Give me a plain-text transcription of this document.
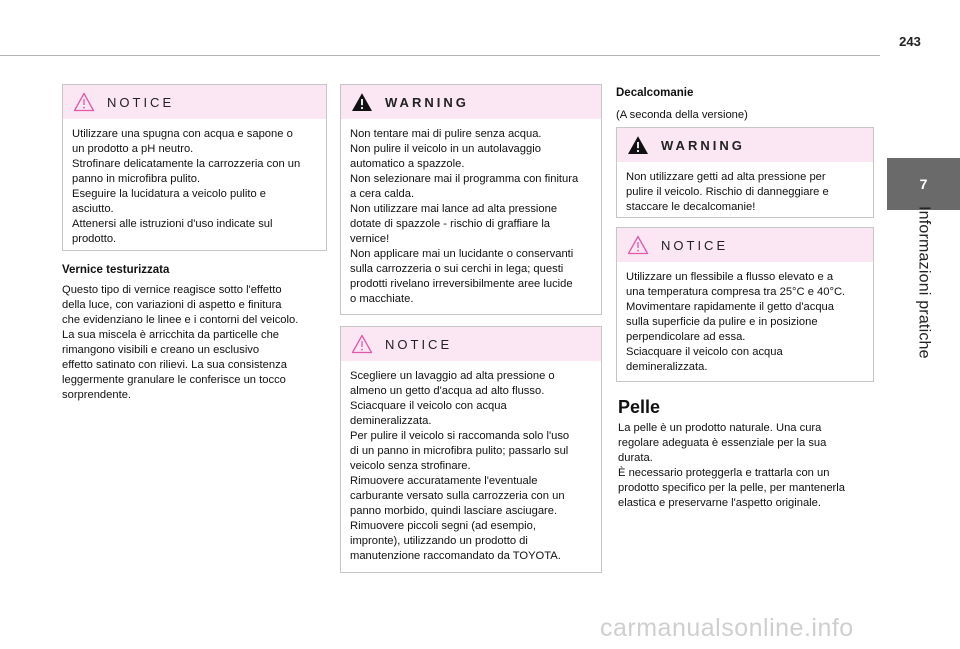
243
7
Informazioni pratiche
NOTICE
Utilizzare una spugna con acqua e sapone o
un prodotto a pH neutro.
Strofinare delicatamente la carrozzeria con un
panno in microfibra pulito.
Eseguire la lucidatura a veicolo pulito e
asciutto.
Attenersi alle istruzioni d'uso indicate sul
prodotto.
Vernice testurizzata
Questo tipo di vernice reagisce sotto l'effetto
della luce, con variazioni di aspetto e finitura
che evidenziano le linee e i contorni del veicolo.
La sua miscela è arricchita da particelle che
rimangono visibili e creano un esclusivo
effetto satinato con rilievi. La sua consistenza
leggermente granulare le conferisce un tocco
sorprendente.
WARNING
Non tentare mai di pulire senza acqua.
Non pulire il veicolo in un autolavaggio
automatico a spazzole.
Non selezionare mai il programma con finitura
a cera calda.
Non utilizzare mai lance ad alta pressione
dotate di spazzole - rischio di graffiare la
vernice!
Non applicare mai un lucidante o conservanti
sulla carrozzeria o sui cerchi in lega; questi
prodotti rivelano irreversibilmente aree lucide
o macchiate.
NOTICE
Scegliere un lavaggio ad alta pressione o
almeno un getto d'acqua ad alto flusso.
Sciacquare il veicolo con acqua
demineralizzata.
Per pulire il veicolo si raccomanda solo l'uso
di un panno in microfibra pulito; passarlo sul
veicolo senza strofinare.
Rimuovere accuratamente l'eventuale
carburante versato sulla carrozzeria con un
panno morbido, quindi lasciare asciugare.
Rimuovere piccoli segni (ad esempio,
impronte), utilizzando un prodotto di
manutenzione raccomandato da TOYOTA.
Decalcomanie
(A seconda della versione)
WARNING
Non utilizzare getti ad alta pressione per
pulire il veicolo. Rischio di danneggiare e
staccare le decalcomanie!
NOTICE
Utilizzare un flessibile a flusso elevato e a
una temperatura compresa tra 25°C e 40°C.
Movimentare rapidamente il getto d'acqua
sulla superficie da pulire e in posizione
perpendicolare ad essa.
Sciacquare il veicolo con acqua
demineralizzata.
Pelle
La pelle è un prodotto naturale. Una cura
regolare adeguata è essenziale per la sua
durata.
È necessario proteggerla e trattarla con un
prodotto specifico per la pelle, per mantenerla
elastica e preservarne l'aspetto originale.
carmanualsonline.info
